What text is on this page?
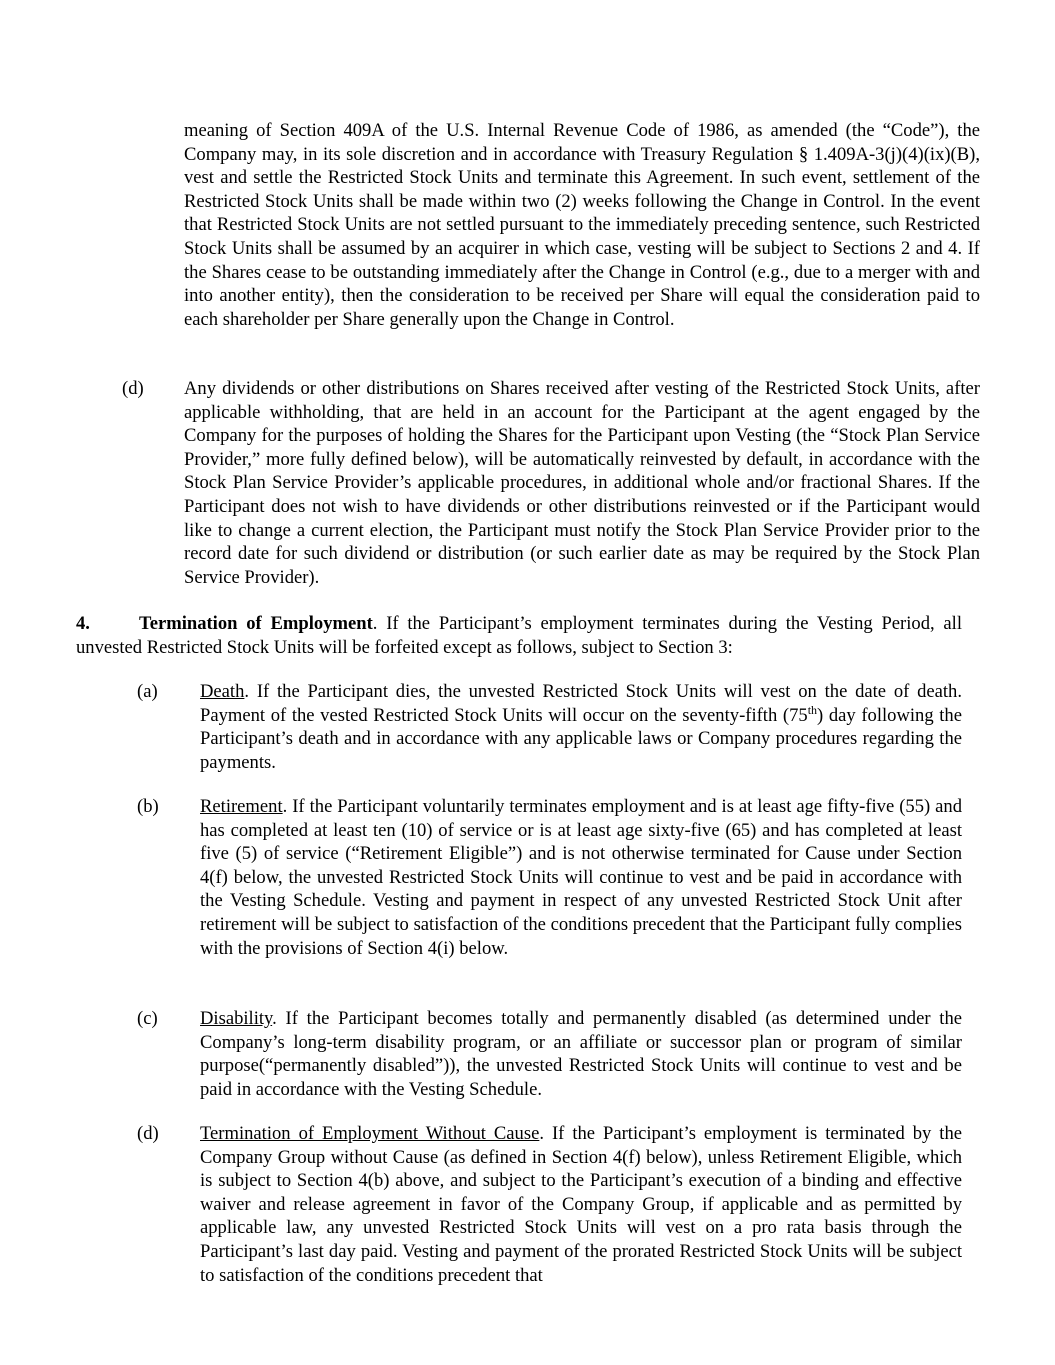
meaning of Section 409A of the U.S. Internal Revenue Code of 1986, as amended (the “Code”), the Company may, in its sole discretion and in accordance with Treasury Regulation § 1.409A-3(j)(4)(ix)(B), vest and settle the Restricted Stock Units and terminate this Agreement. In such event, settlement of the Restricted Stock Units shall be made within two (2) weeks following the Change in Control. In the event that Restricted Stock Units are not settled pursuant to the immediately preceding sentence, such Restricted Stock Units shall be assumed by an acquirer in which case, vesting will be subject to Sections 2 and 4. If the Shares cease to be outstanding immediately after the Change in Control (e.g., due to a merger with and into another entity), then the consideration to be received per Share will equal the consideration paid to each shareholder per Share generally upon the Change in Control.

(d)	Any dividends or other distributions on Shares received after vesting of the Restricted Stock Units, after applicable withholding, that are held in an account for the Participant at the agent engaged by the Company for the purposes of holding the Shares for the Participant upon Vesting (the “Stock Plan Service Provider,” more fully defined below), will be automatically reinvested by default, in accordance with the Stock Plan Service Provider’s applicable procedures, in additional whole and/or fractional Shares. If the Participant does not wish to have dividends or other distributions reinvested or if the Participant would like to change a current election, the Participant must notify the Stock Plan Service Provider prior to the record date for such dividend or distribution (or such earlier date as may be required by the Stock Plan Service Provider).

4.	Termination of Employment. If the Participant’s employment terminates during the Vesting Period, all unvested Restricted Stock Units will be forfeited except as follows, subject to Section 3:

(a)	Death. If the Participant dies, the unvested Restricted Stock Units will vest on the date of death. Payment of the vested Restricted Stock Units will occur on the seventy-fifth (75th) day following the Participant’s death and in accordance with any applicable laws or Company procedures regarding the payments.

(b)	Retirement. If the Participant voluntarily terminates employment and is at least age fifty-five (55) and has completed at least ten (10) of service or is at least age sixty-five (65) and has completed at least five (5) of service (“Retirement Eligible”) and is not otherwise terminated for Cause under Section 4(f) below, the unvested Restricted Stock Units will continue to vest and be paid in accordance with the Vesting Schedule. Vesting and payment in respect of any unvested Restricted Stock Unit after retirement will be subject to satisfaction of the conditions precedent that the Participant fully complies with the provisions of Section 4(i) below.

(c)	Disability. If the Participant becomes totally and permanently disabled (as determined under the Company’s long-term disability program, or an affiliate or successor plan or program of similar purpose(“permanently disabled”)), the unvested Restricted Stock Units will continue to vest and be paid in accordance with the Vesting Schedule.

(d)	Termination of Employment Without Cause. If the Participant’s employment is terminated by the Company Group without Cause (as defined in Section 4(f) below), unless Retirement Eligible, which is subject to Section 4(b) above, and subject to the Participant’s execution of a binding and effective waiver and release agreement in favor of the Company Group, if applicable and as permitted by applicable law, any unvested Restricted Stock Units will vest on a pro rata basis through the Participant’s last day paid. Vesting and payment of the prorated Restricted Stock Units will be subject to satisfaction of the conditions precedent that
